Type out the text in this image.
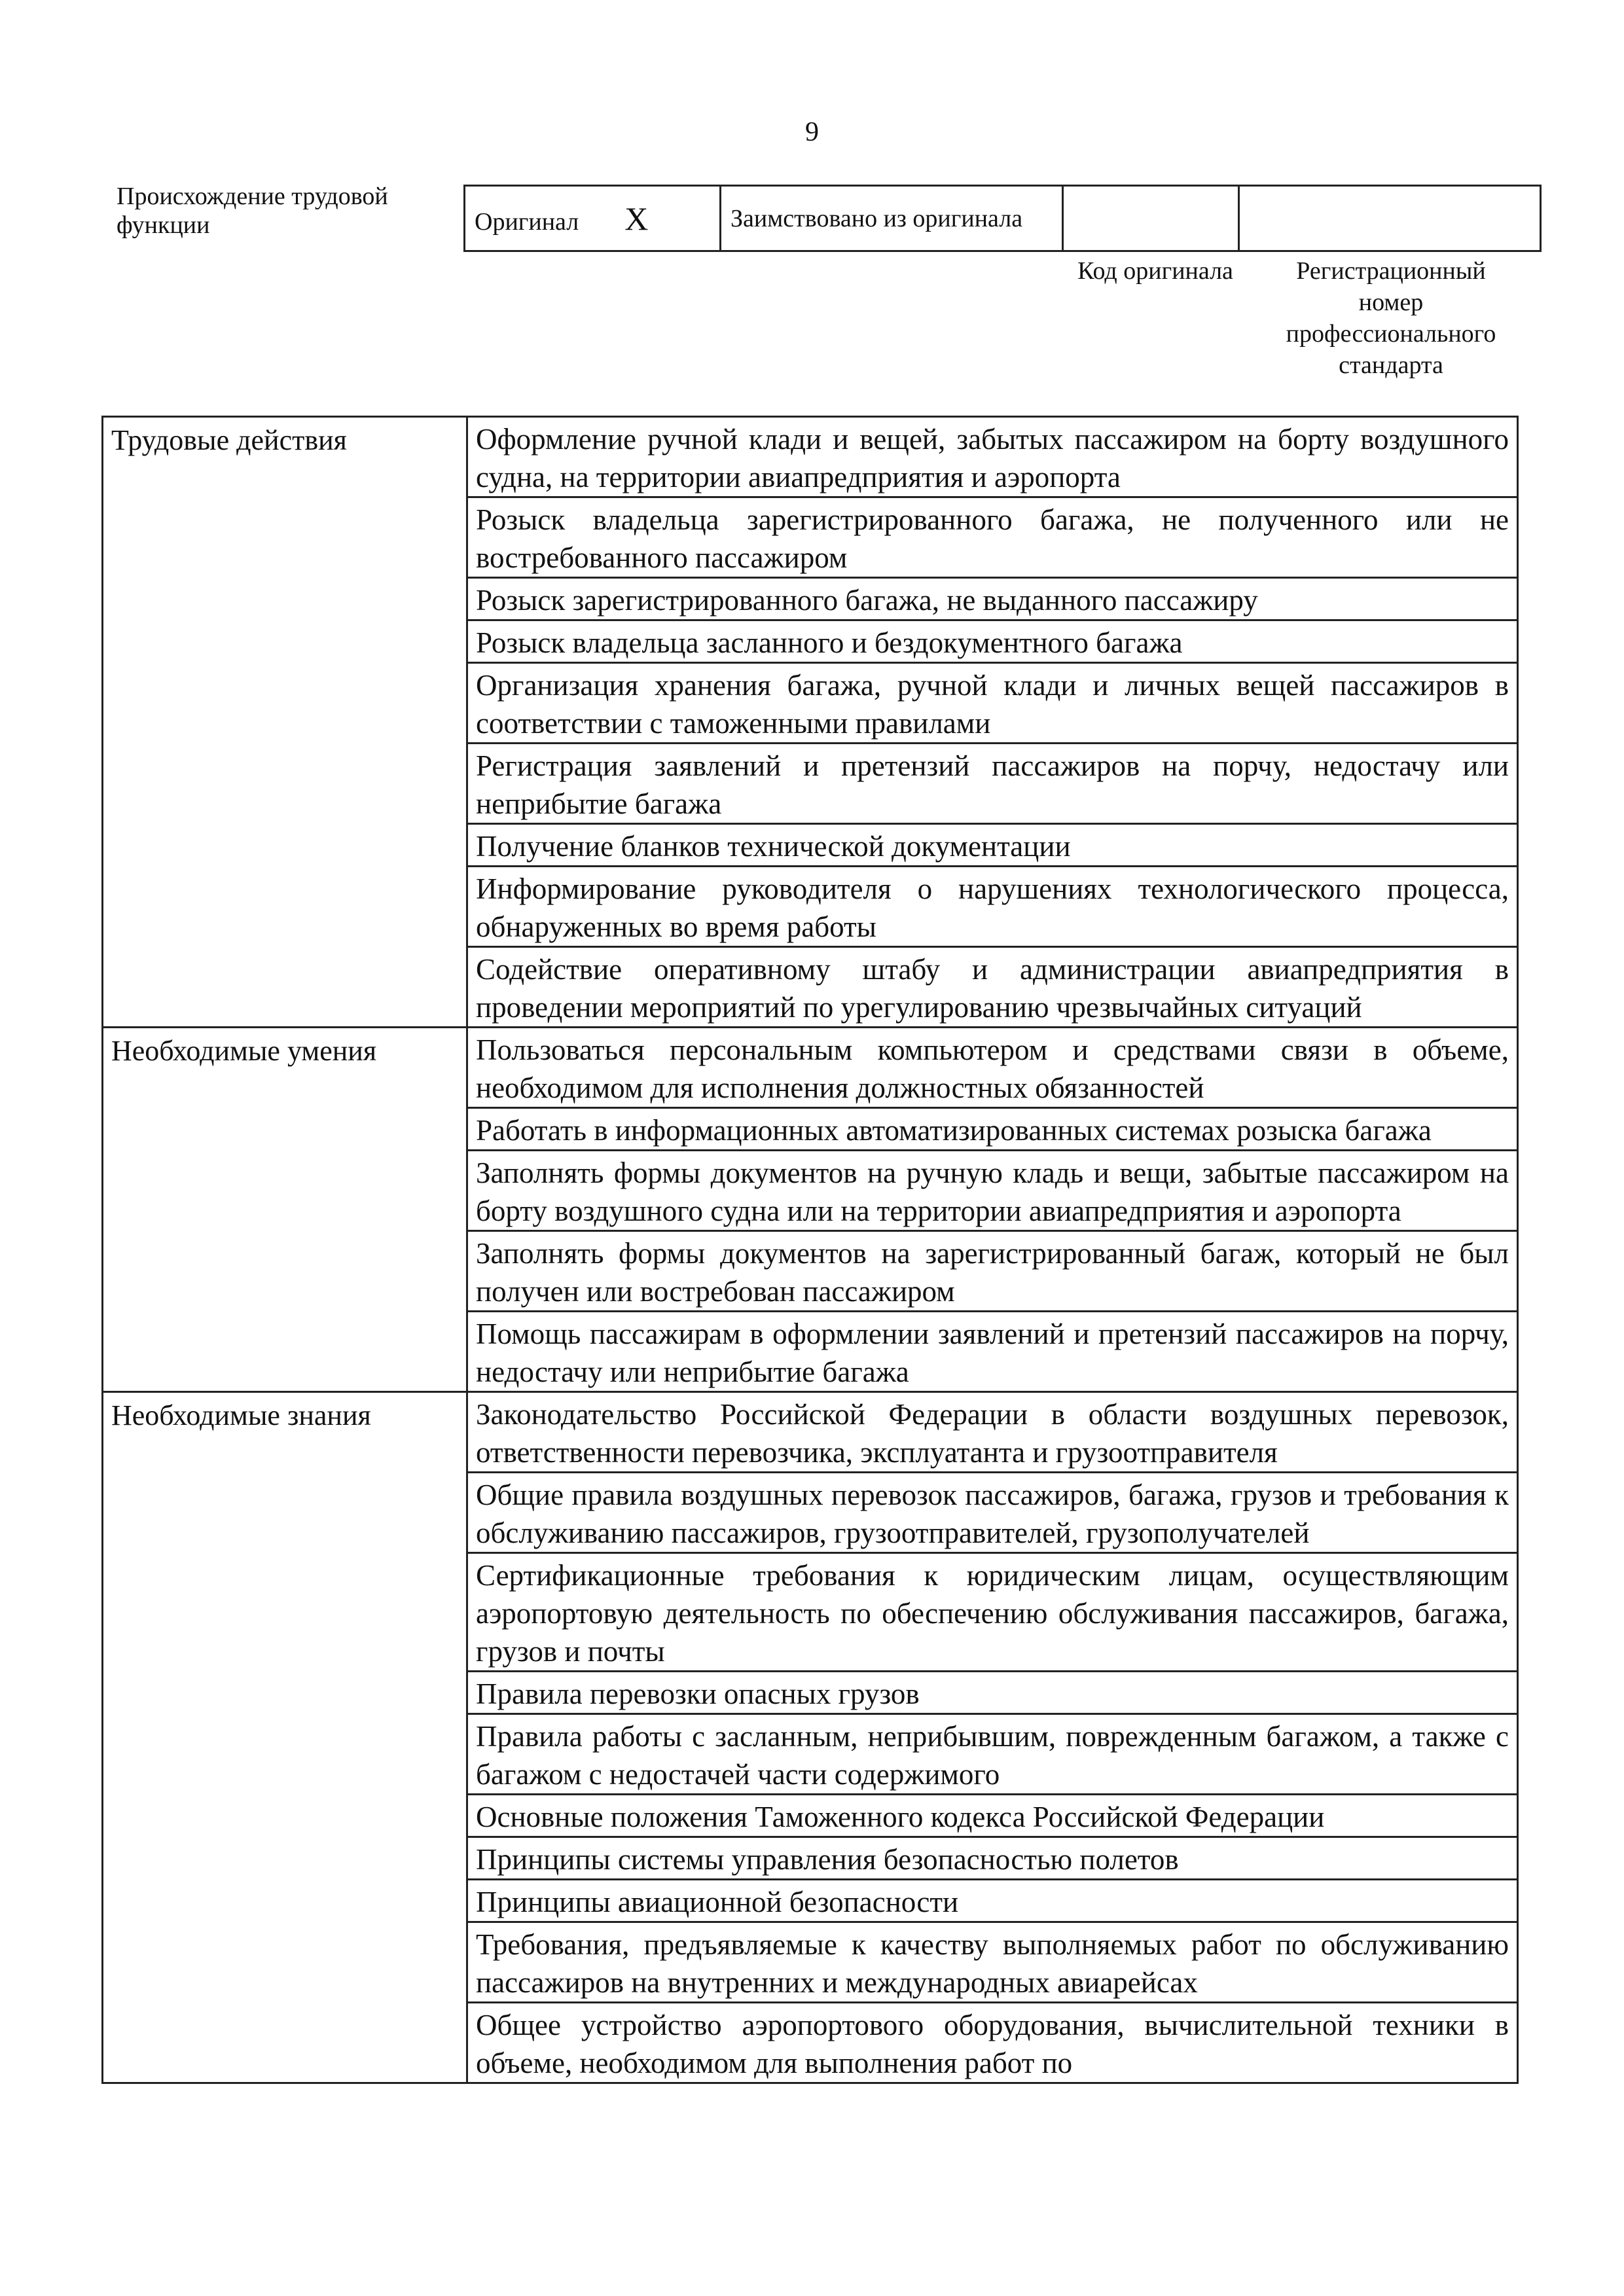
9
Происхождение трудовой функции	Оригинал X	Заимствовано из оригинала		
Код оригинала	Регистрационный номер профессионального стандарта
Трудовые действия	Оформление ручной клади и вещей, забытых пассажиром на борту воздушного судна, на территории авиапредприятия и аэропорта
	Розыск владельца зарегистрированного багажа, не полученного или не востребованного пассажиром
	Розыск зарегистрированного багажа, не выданного пассажиру
	Розыск владельца засланного и бездокументного багажа
	Организация хранения багажа, ручной клади и личных вещей пассажиров в соответствии с таможенными правилами
	Регистрация заявлений и претензий пассажиров на порчу, недостачу или неприбытие багажа
	Получение бланков технической документации
	Информирование руководителя о нарушениях технологического процесса, обнаруженных во время работы
	Содействие оперативному штабу и администрации авиапредприятия в проведении мероприятий по урегулированию чрезвычайных ситуаций
Необходимые умения	Пользоваться персональным компьютером и средствами связи в объеме, необходимом для исполнения должностных обязанностей
	Работать в информационных автоматизированных системах розыска багажа
	Заполнять формы документов на ручную кладь и вещи, забытые пассажиром на борту воздушного судна или на территории авиапредприятия и аэропорта
	Заполнять формы документов на зарегистрированный багаж, который не был получен или востребован пассажиром
	Помощь пассажирам в оформлении заявлений и претензий пассажиров на порчу, недостачу или неприбытие багажа
Необходимые знания	Законодательство Российской Федерации в области воздушных перевозок, ответственности перевозчика, эксплуатанта и грузоотправителя
	Общие правила воздушных перевозок пассажиров, багажа, грузов и требования к обслуживанию пассажиров, грузоотправителей, грузополучателей
	Сертификационные требования к юридическим лицам, осуществляющим аэропортовую деятельность по обеспечению обслуживания пассажиров, багажа, грузов и почты
	Правила перевозки опасных грузов
	Правила работы с засланным, неприбывшим, поврежденным багажом, а также с багажом с недостачей части содержимого
	Основные положения Таможенного кодекса Российской Федерации
	Принципы системы управления безопасностью полетов
	Принципы авиационной безопасности
	Требования, предъявляемые к качеству выполняемых работ по обслуживанию пассажиров на внутренних и международных авиарейсах
	Общее устройство аэропортового оборудования, вычислительной техники в объеме, необходимом для выполнения работ по
